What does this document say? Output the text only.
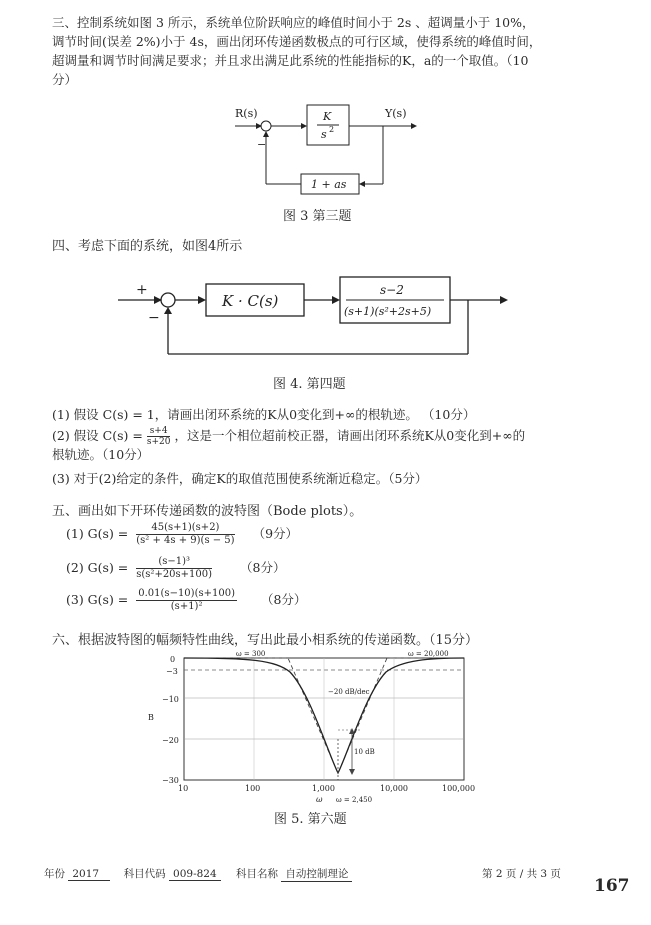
三、控制系统如图 3 所示，系统单位阶跃响应的峰值时间小于 2s 、超调量小于 10%，
调节时间(误差 2%)小于 4s，画出闭环传递函数极点的可行区域，使得系统的峰值时间，
超调量和调节时间满足要求；并且求出满足此系统的性能指标的K，a的一个取值。（10
分）
R(s)
−
K
s 2
Y(s)
1 + as
图 3 第三题
四、考虑下面的系统，如图4所示
+
−
K · C(s)
s−2
(s+1)(s²+2s+5)
图 4. 第四题
(1) 假设 C(s) = 1，请画出闭环系统的K从0变化到+∞的根轨迹。 （10分）
(2) 假设 $C(s) = \frac{s+4}{s+20}$ ，这是一个相位超前校正器，请画出闭环系统K从0变化到+∞的
根轨迹。（10分）
(3) 对于(2)给定的条件，确定K的取值范围使系统渐近稳定。（5分）
五、画出如下开环传递函数的波特图（Bode plots）。
(1) $G(s) = \frac{45(s+1)(s+2)}{\text{(s² + 4s + 9)(s − 5)}} (9$分）
(2) $G(s) = \frac{\text{(s−1)³}}{\text{s(s²+20s+100)}} (8$分）
(3) $G(s) = \frac{0.01(s-10)(s+100)}{\text{(s+1)²}} (8$分）
六、根据波特图的幅频特性曲线，写出此最小相系统的传递函数。（15分）
0
−3
−10
−20
−30
B
10	100	1,000	10,000	100,000
ω
10 dB
ω = 300	ω = 20,000
−20 dB/dec
ω = 2,450
图 5. 第六题
年份 2017 科目代码 009-824 科目名称 自动控制理论	第 2 页 / 共 3 页
167
